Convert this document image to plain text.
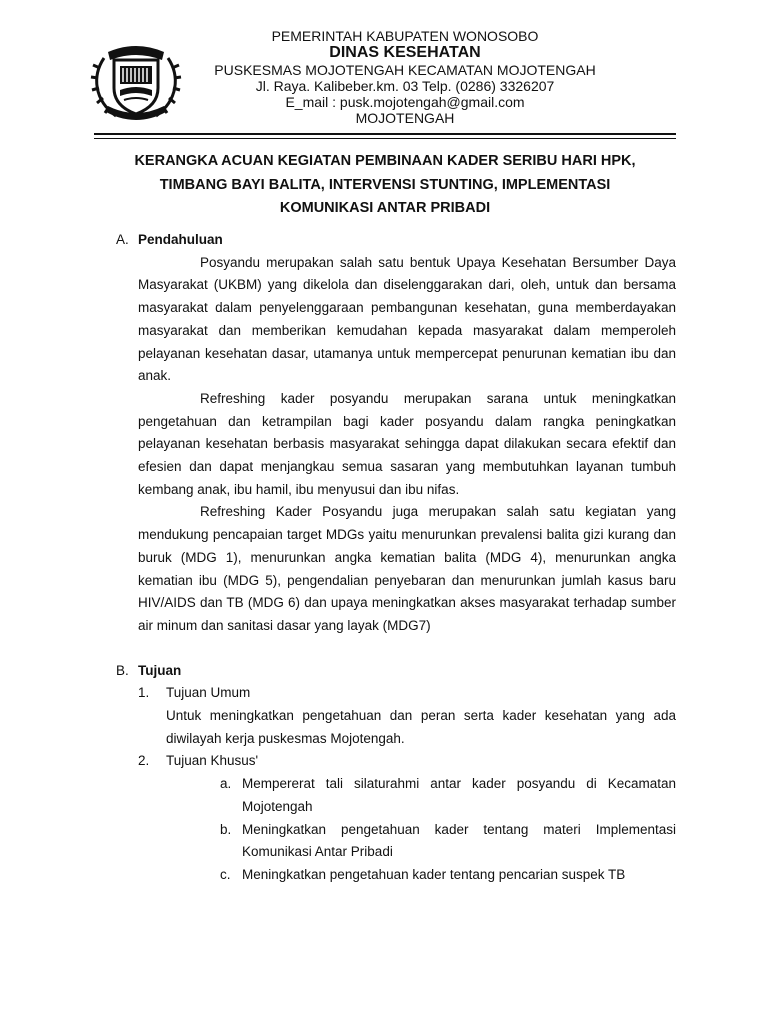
PEMERINTAH KABUPATEN WONOSOBO
DINAS KESEHATAN
PUSKESMAS MOJOTENGAH KECAMATAN MOJOTENGAH
Jl. Raya. Kalibeber.km. 03 Telp. (0286) 3326207
E_mail : pusk.mojotengah@gmail.com
MOJOTENGAH
KERANGKA ACUAN KEGIATAN PEMBINAAN KADER SERIBU HARI HPK,
TIMBANG BAYI BALITA, INTERVENSI STUNTING, IMPLEMENTASI
KOMUNIKASI ANTAR PRIBADI
A. Pendahuluan

Posyandu merupakan salah satu bentuk Upaya Kesehatan Bersumber Daya Masyarakat (UKBM) yang dikelola dan diselenggarakan dari, oleh, untuk dan bersama masyarakat dalam penyelenggaraan pembangunan kesehatan, guna memberdayakan masyarakat dan memberikan kemudahan kepada masyarakat dalam memperoleh pelayanan kesehatan dasar, utamanya untuk mempercepat penurunan kematian ibu dan anak.

Refreshing kader posyandu merupakan sarana untuk meningkatkan pengetahuan dan ketrampilan bagi kader posyandu dalam rangka peningkatkan pelayanan kesehatan berbasis masyarakat sehingga dapat dilakukan secara efektif dan efesien dan dapat menjangkau semua sasaran yang membutuhkan layanan tumbuh kembang anak, ibu hamil, ibu menyusui dan ibu nifas.

Refreshing Kader Posyandu juga merupakan salah satu kegiatan yang mendukung pencapaian target MDGs yaitu menurunkan prevalensi balita gizi kurang dan buruk (MDG 1), menurunkan angka kematian balita (MDG 4), menurunkan angka kematian ibu (MDG 5), pengendalian penyebaran dan menurunkan jumlah kasus baru HIV/AIDS dan TB (MDG 6) dan upaya meningkatkan akses masyarakat terhadap sumber air minum dan sanitasi dasar yang layak (MDG7)

B. Tujuan
1.	Tujuan Umum
Untuk meningkatkan pengetahuan dan peran serta kader kesehatan yang ada diwilayah kerja puskesmas Mojotengah.
2.	Tujuan Khusus'
a. Mempererat tali silaturahmi antar kader posyandu di Kecamatan Mojotengah
b. Meningkatkan pengetahuan kader tentang materi Implementasi Komunikasi Antar Pribadi
c. Meningkatkan pengetahuan kader tentang pencarian suspek TB
